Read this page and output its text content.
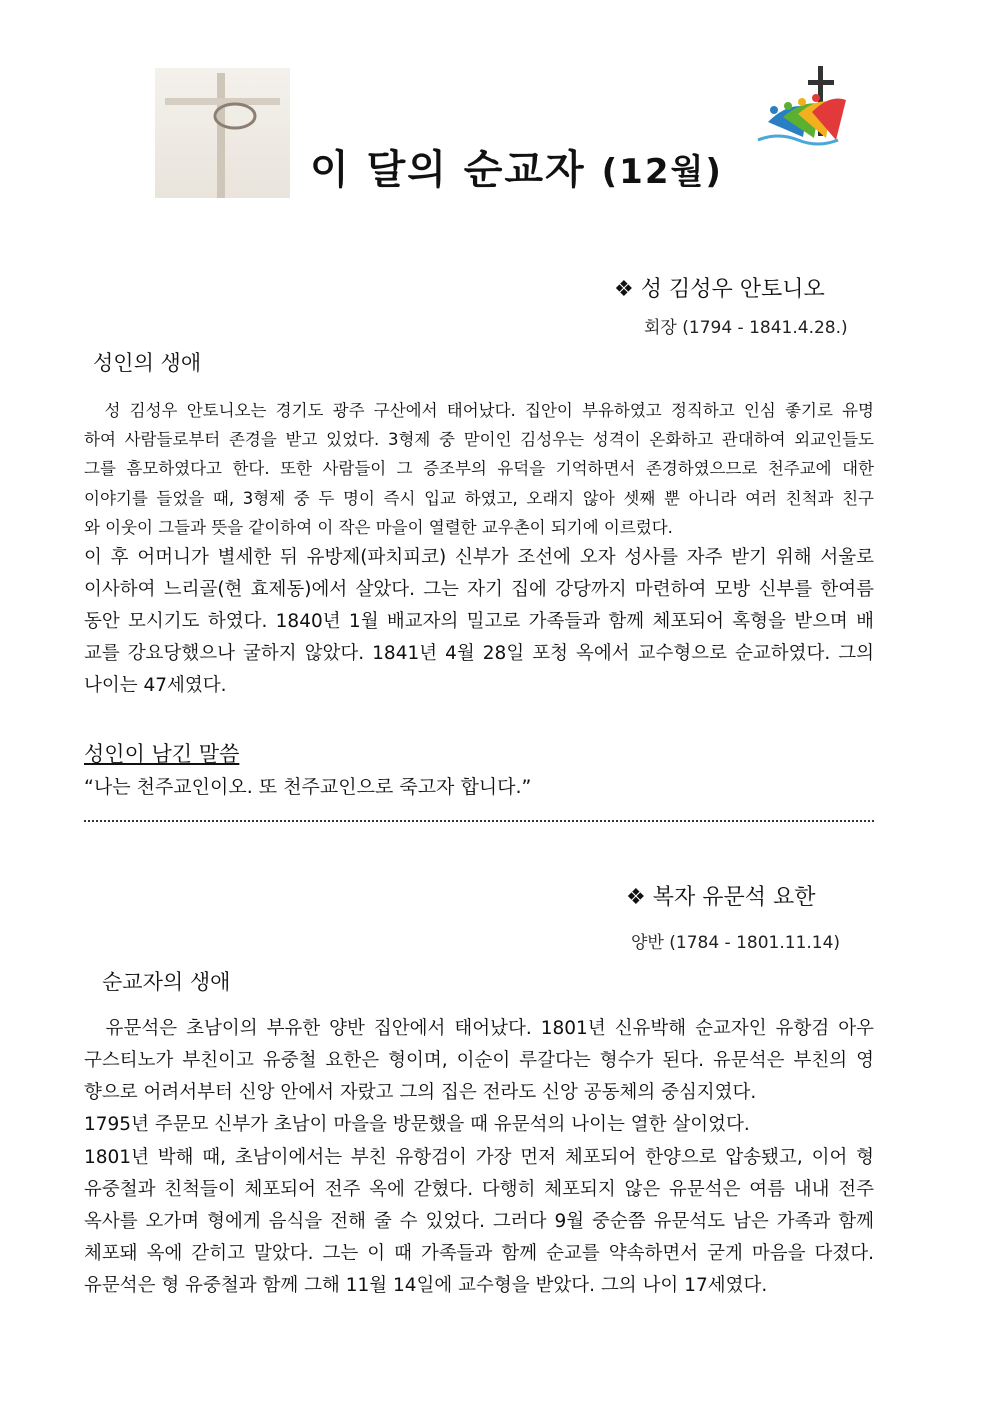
이 달의 순교자 (12월)
❖ 성 김성우 안토니오
회장 (1794 - 1841.4.28.)
성인의 생애
　성 김성우 안토니오는 경기도 광주 구산에서 태어났다. 집안이 부유하였고 정직하고 인심 좋기로 유명
하여 사람들로부터 존경을 받고 있었다. 3형제 중 맏이인 김성우는 성격이 온화하고 관대하여 외교인들도
그를 흠모하였다고 한다. 또한 사람들이 그 증조부의 유덕을 기억하면서 존경하였으므로 천주교에 대한
이야기를 들었을 때, 3형제 중 두 명이 즉시 입교 하였고, 오래지 않아 셋째 뿐 아니라 여러 친척과 친구
와 이웃이 그들과 뜻을 같이하여 이 작은 마을이 열렬한 교우촌이 되기에 이르렀다.
이 후 어머니가 별세한 뒤 유방제(파치피코) 신부가 조선에 오자 성사를 자주 받기 위해 서울로
이사하여 느리골(현 효제동)에서 살았다. 그는 자기 집에 강당까지 마련하여 모방 신부를 한여름
동안 모시기도 하였다. 1840년 1월 배교자의 밀고로 가족들과 함께 체포되어 혹형을 받으며 배
교를 강요당했으나 굴하지 않았다. 1841년 4월 28일 포청 옥에서 교수형으로 순교하였다. 그의
나이는 47세였다.
성인이 남긴 말씀
“나는 천주교인이오. 또 천주교인으로 죽고자 합니다.”
❖ 복자 유문석 요한
양반 (1784 - 1801.11.14)
순교자의 생애
　유문석은 초남이의 부유한 양반 집안에서 태어났다. 1801년 신유박해 순교자인 유항검 아우
구스티노가 부친이고 유중철 요한은 형이며, 이순이 루갈다는 형수가 된다. 유문석은 부친의 영
향으로 어려서부터 신앙 안에서 자랐고 그의 집은 전라도 신앙 공동체의 중심지였다.
1795년 주문모 신부가 초남이 마을을 방문했을 때 유문석의 나이는 열한 살이었다.
1801년 박해 때, 초남이에서는 부친 유항검이 가장 먼저 체포되어 한양으로 압송됐고, 이어 형
유중철과 친척들이 체포되어 전주 옥에 갇혔다. 다행히 체포되지 않은 유문석은 여름 내내 전주
옥사를 오가며 형에게 음식을 전해 줄 수 있었다. 그러다 9월 중순쯤 유문석도 남은 가족과 함께
체포돼 옥에 갇히고 말았다. 그는 이 때 가족들과 함께 순교를 약속하면서 굳게 마음을 다졌다.
유문석은 형 유중철과 함께 그해 11월 14일에 교수형을 받았다. 그의 나이 17세였다.
